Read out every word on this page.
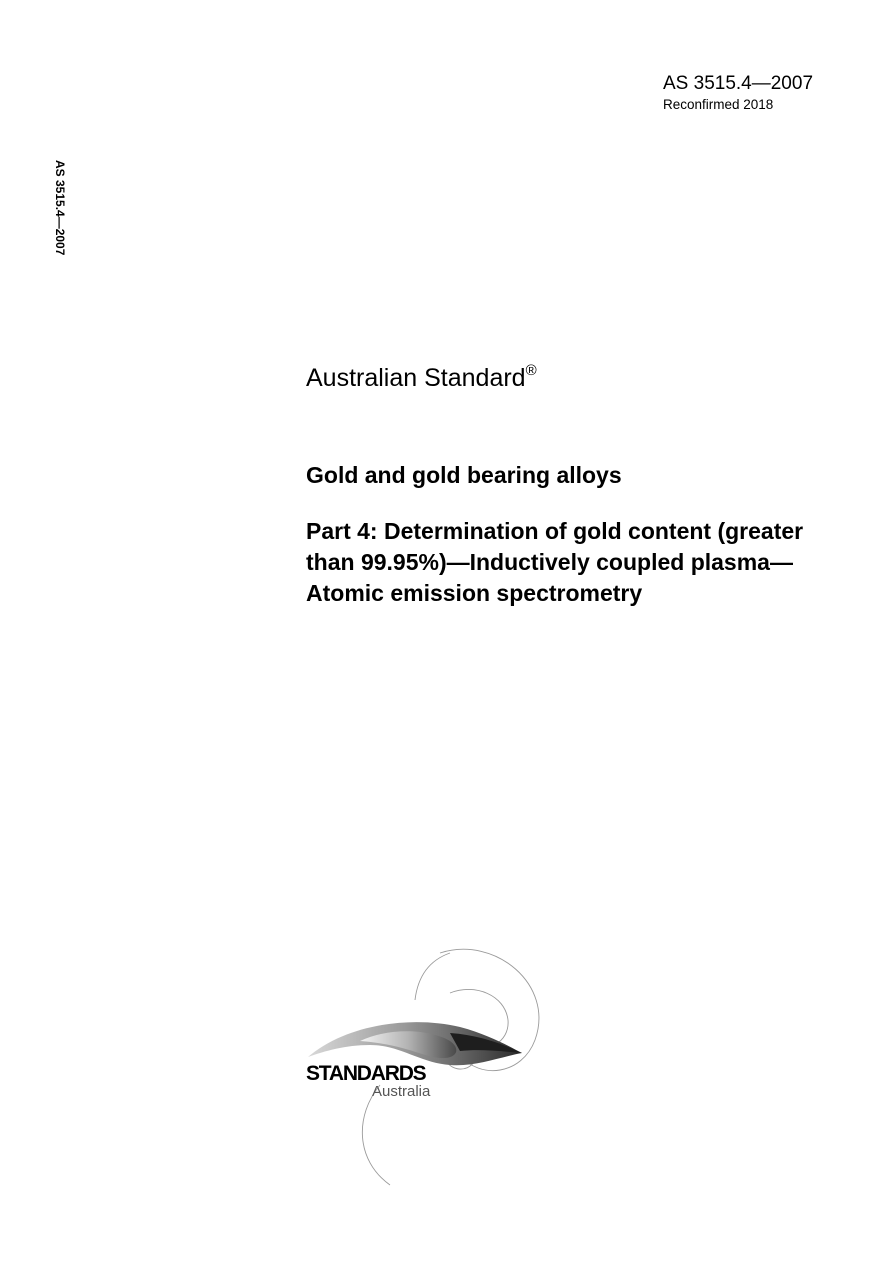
AS 3515.4—2007
Reconfirmed 2018
AS 3515.4—2007
Australian Standard®
Gold and gold bearing alloys

Part 4: Determination of gold content (greater than 99.95%)—Inductively coupled plasma—Atomic emission spectrometry

STANDARDS
Australia
